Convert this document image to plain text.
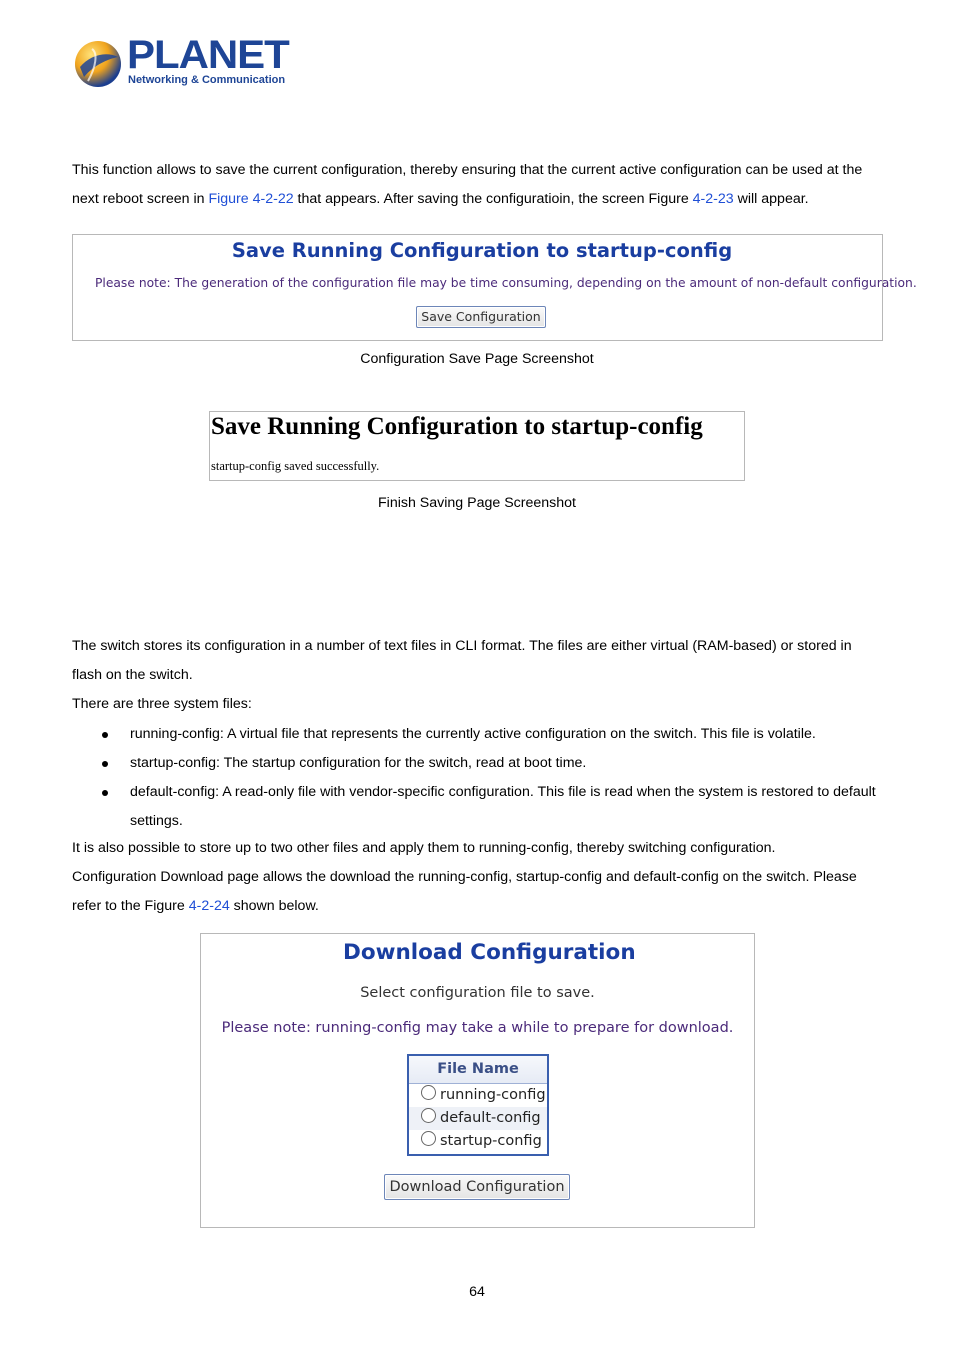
PLANET
Networking & Communication

This function allows to save the current configuration, thereby ensuring that the current active configuration can be used at the
next reboot screen in Figure 4-2-22 that appears. After saving the configuratioin, the screen Figure 4-2-23 will appear.

Save Running Configuration to startup-config
Please note: The generation of the configuration file may be time consuming, depending on the amount of non-default configuration.
Save Configuration

Configuration Save Page Screenshot

Save Running Configuration to startup-config
startup-config saved successfully.

Finish Saving Page Screenshot

The switch stores its configuration in a number of text files in CLI format. The files are either virtual (RAM-based) or stored in
flash on the switch.
There are three system files:

running-config: A virtual file that represents the currently active configuration on the switch. This file is volatile.
startup-config: The startup configuration for the switch, read at boot time.
default-config: A read-only file with vendor-specific configuration. This file is read when the system is restored to default
settings.

It is also possible to store up to two other files and apply them to running-config, thereby switching configuration.
Configuration Download page allows the download the running-config, startup-config and default-config on the switch. Please
refer to the Figure 4-2-24 shown below.

Download Configuration
Select configuration file to save.
Please note: running-config may take a while to prepare for download.
File Name
running-config
default-config
startup-config
Download Configuration

64
